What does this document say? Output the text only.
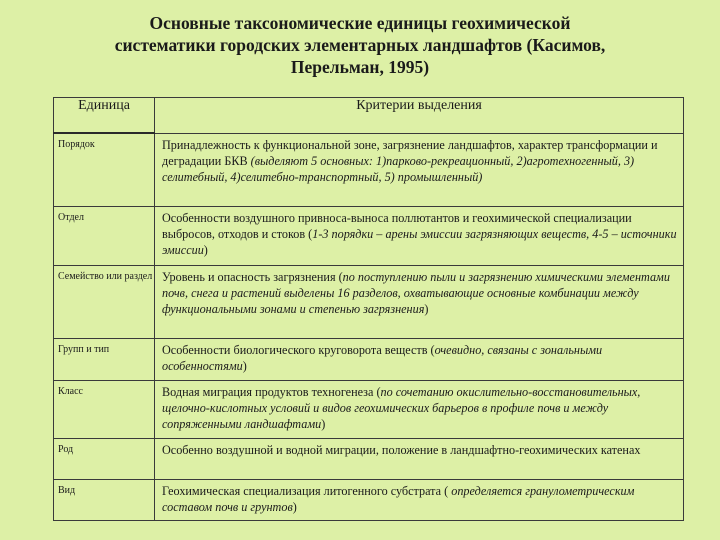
Основные таксономические единицы геохимической
систематики городских элементарных ландшафтов (Касимов,
Перельман, 1995)
Единица	Критерии выделения
Порядок	Принадлежность к функциональной зоне, загрязнение ландшафтов, характер трансформации и деградации БКВ (выделяют 5 основных: 1)парково-рекреационный, 2)агротехногенный, 3) селитебный, 4)селитебно-транспортный, 5) промышленный)
Отдел	Особенности воздушного привноса-выноса поллютантов и геохимической специализации выбросов, отходов и стоков (1-3 порядки – арены эмиссии загрязняющих веществ, 4-5 – источники эмиссии)
Семейство или раздел	Уровень и опасность загрязнения (по поступлению пыли и загрязнению химическими элементами почв, снега и растений выделены 16 разделов, охватывающие основные комбинации между функциональными зонами и степенью загрязнения)
Групп и тип	Особенности биологического круговорота веществ (очевидно, связаны с зональными особенностями)
Класс	Водная миграция продуктов техногенеза (по сочетанию окислительно-восстановительных, щелочно-кислотных условий и видов геохимических барьеров в профиле почв и между сопряженными ландшафтами)
Род	Особенно воздушной и водной миграции, положение в ландшафтно-геохимических катенах
Вид	Геохимическая специализация литогенного субстрата ( определяется гранулометрическим составом почв и грунтов)
